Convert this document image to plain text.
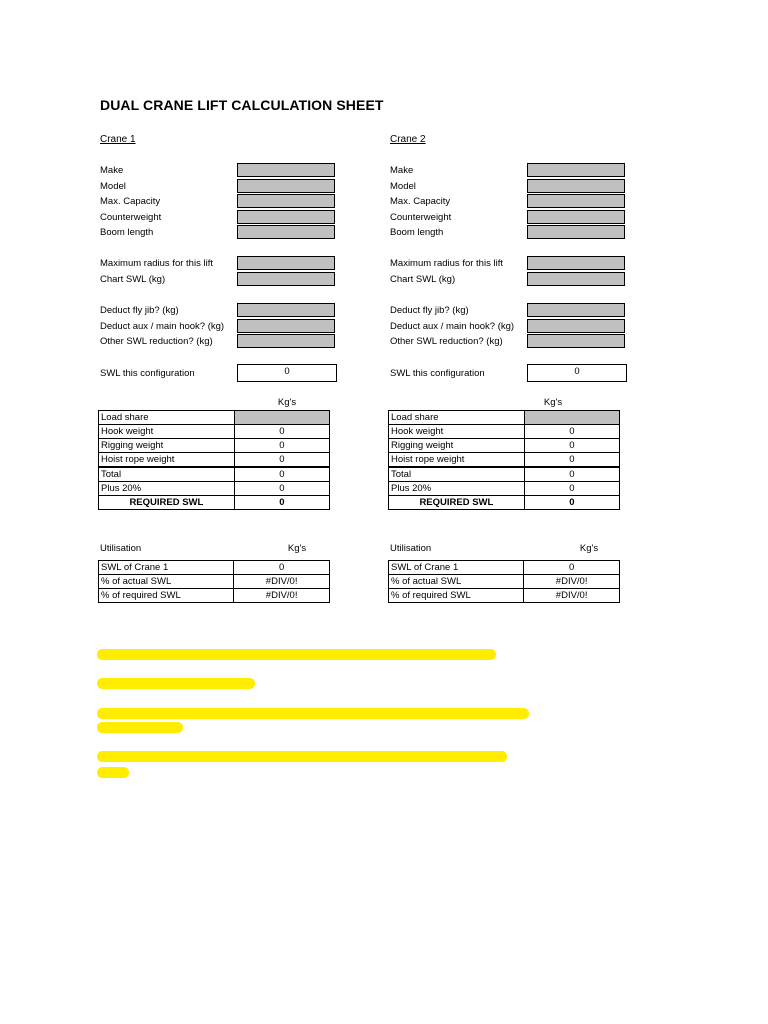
DUAL CRANE LIFT CALCULATION SHEET
Crane 1
Make
Model
Max. Capacity
Counterweight
Boom length
Maximum radius for this lift
Chart SWL (kg)
Deduct fly jib? (kg)
Deduct aux / main hook? (kg)
Other SWL reduction? (kg)
SWL this configuration	0
Kg's
Load share	
Hook weight	0
Rigging weight	0
Hoist rope weight	0
Total	0
Plus 20%	0
REQUIRED SWL	0
Utilisation	Kg's
SWL of Crane 1	0
% of actual SWL	#DIV/0!
% of required SWL	#DIV/0!
Crane 2
Make
Model
Max. Capacity
Counterweight
Boom length
Maximum radius for this lift
Chart SWL (kg)
Deduct fly jib? (kg)
Deduct aux / main hook? (kg)
Other SWL reduction? (kg)
SWL this configuration	0
Kg's
Load share	
Hook weight	0
Rigging weight	0
Hoist rope weight	0
Total	0
Plus 20%	0
REQUIRED SWL	0
Utilisation	Kg's
SWL of Crane 1	0
% of actual SWL	#DIV/0!
% of required SWL	#DIV/0!
